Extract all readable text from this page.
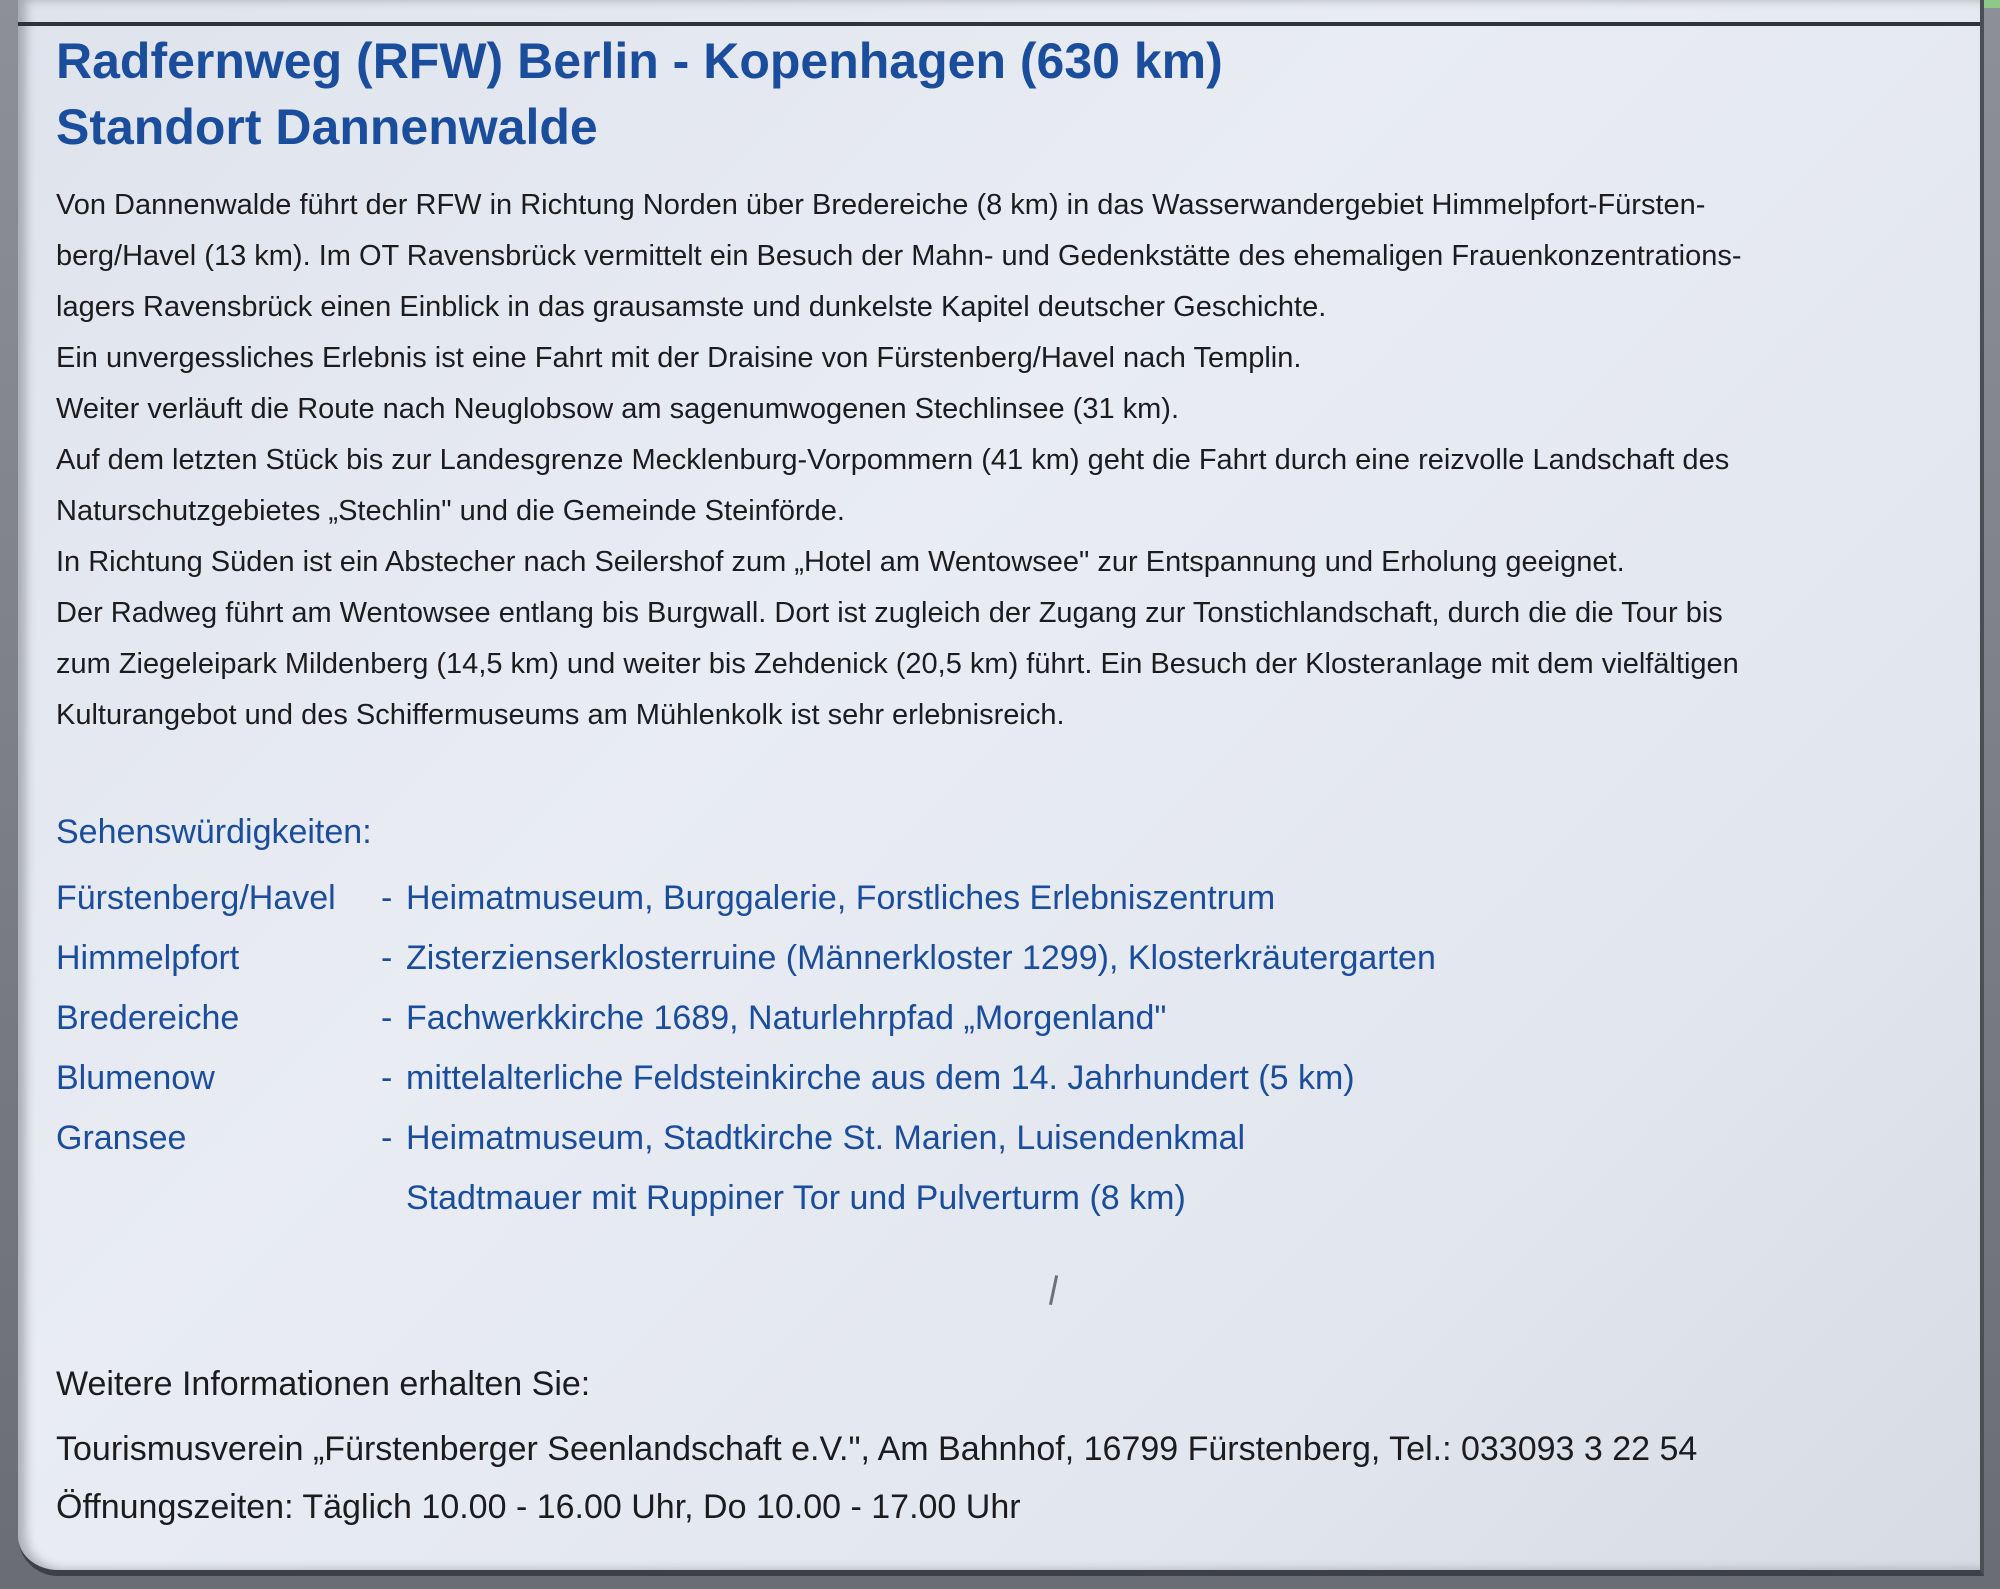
Radfernweg (RFW) Berlin - Kopenhagen (630 km)
Standort Dannenwalde
Von Dannenwalde führt der RFW in Richtung Norden über Bredereiche (8 km) in das Wasserwandergebiet Himmelpfort-Fürsten-
berg/Havel (13 km). Im OT Ravensbrück vermittelt ein Besuch der Mahn- und Gedenkstätte des ehemaligen Frauenkonzentrations-
lagers Ravensbrück einen Einblick in das grausamste und dunkelste Kapitel deutscher Geschichte.
Ein unvergessliches Erlebnis ist eine Fahrt mit der Draisine von Fürstenberg/Havel nach Templin.
Weiter verläuft die Route nach Neuglobsow am sagenumwogenen Stechlinsee (31 km).
Auf dem letzten Stück bis zur Landesgrenze Mecklenburg-Vorpommern (41 km) geht die Fahrt durch eine reizvolle Landschaft des
Naturschutzgebietes „Stechlin" und die Gemeinde Steinförde.
In Richtung Süden ist ein Abstecher nach Seilershof zum „Hotel am Wentowsee" zur Entspannung und Erholung geeignet.
Der Radweg führt am Wentowsee entlang bis Burgwall. Dort ist zugleich der Zugang zur Tonstichlandschaft, durch die die Tour bis
zum Ziegeleipark Mildenberg (14,5 km) und weiter bis Zehdenick (20,5 km) führt. Ein Besuch der Klosteranlage mit dem vielfältigen
Kulturangebot und des Schiffermuseums am Mühlenkolk ist sehr erlebnisreich.
Sehenswürdigkeiten:
Fürstenberg/Havel - Heimatmuseum, Burggalerie, Forstliches Erlebniszentrum
Himmelpfort	- Zisterzienserklosterruine (Männerkloster 1299), Klosterkräutergarten
Bredereiche	- Fachwerkkirche 1689, Naturlehrpfad „Morgenland"
Blumenow	- mittelalterliche Feldsteinkirche aus dem 14. Jahrhundert (5 km)
Gransee	- Heimatmuseum, Stadtkirche St. Marien, Luisendenkmal
Stadtmauer mit Ruppiner Tor und Pulverturm (8 km)
Weitere Informationen erhalten Sie:
Tourismusverein „Fürstenberger Seenlandschaft e.V.", Am Bahnhof, 16799 Fürstenberg, Tel.: 033093 3 22 54
Öffnungszeiten: Täglich 10.00 - 16.00 Uhr, Do 10.00 - 17.00 Uhr
